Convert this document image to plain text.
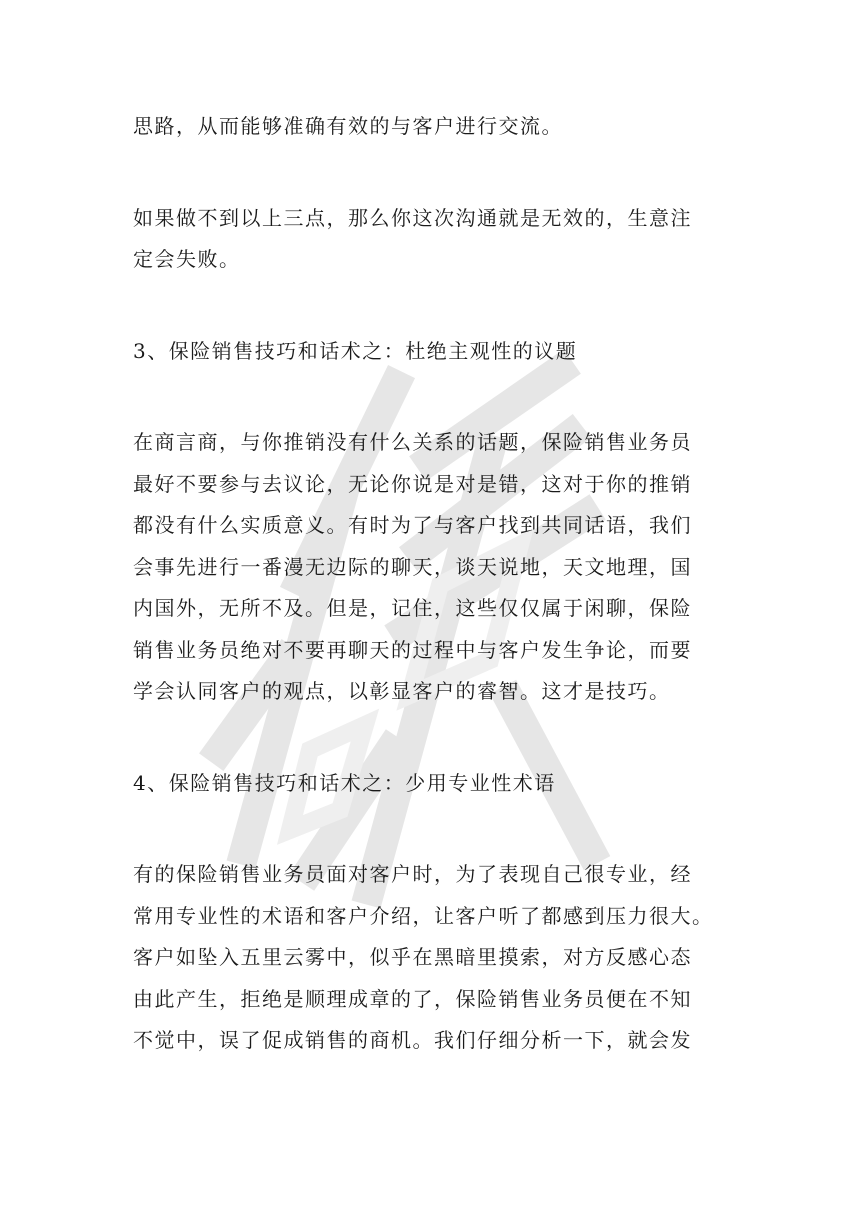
思路，从而能够准确有效的与客户进行交流。

如果做不到以上三点，那么你这次沟通就是无效的，生意注
定会失败。

3、保险销售技巧和话术之：杜绝主观性的议题

在商言商，与你推销没有什么关系的话题，保险销售业务员
最好不要参与去议论，无论你说是对是错，这对于你的推销
都没有什么实质意义。有时为了与客户找到共同话语，我们
会事先进行一番漫无边际的聊天，谈天说地，天文地理，国
内国外，无所不及。但是，记住，这些仅仅属于闲聊，保险
销售业务员绝对不要再聊天的过程中与客户发生争论，而要
学会认同客户的观点，以彰显客户的睿智。这才是技巧。

4、保险销售技巧和话术之：少用专业性术语

有的保险销售业务员面对客户时，为了表现自己很专业，经
常用专业性的术语和客户介绍，让客户听了都感到压力很大。
客户如坠入五里云雾中，似乎在黑暗里摸索，对方反感心态
由此产生，拒绝是顺理成章的了，保险销售业务员便在不知
不觉中，误了促成销售的商机。我们仔细分析一下，就会发
